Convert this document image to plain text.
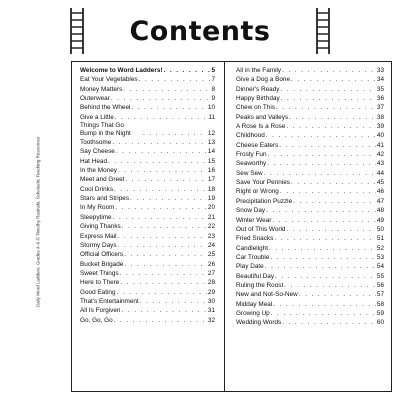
Contents
Daily Word Ladders: Grades 4–6 © Timothy Rasinski, Scholastic Teaching Resources
Welcome to Word Ladders! . . .	5
Eat Your Vegetables . . .	7
Money Matters . . .	8
Outerwear . . .	9
Behind the Wheel . . .	10
Give a Little . . .	11
Things That Go Bump in the Night . . .	12
Toothsome . . .	13
Say Cheese . . .	14
Hat Head . . .	15
In the Money . . .	16
Meet and Greet . . .	17
Cool Drinks . . .	18
Stars and Stripes . . .	19
In My Room . . .	20
Sleepytime . . .	21
Giving Thanks . . .	22
Express Mail . . .	23
Stormy Days . . .	24
Official Officers . . .	25
Bucket Brigade . . .	26
Sweet Things . . .	27
Here to There . . .	28
Good Eating . . .	29
That's Entertainment . . .	30
All Is Forgiven . . .	31
Go, Go, Go . . .	32
All in the Family . . .	33
Give a Dog a Bone . . .	34
Dinner's Ready . . .	35
Happy Birthday . . .	36
Chew on This . . .	37
Peaks and Valleys . . .	38
A Rose Is a Rose . . .	39
Childhood . . .	40
Cheese Eaters . . .	41
Frosty Fun . . .	42
Seaworthy . . .	43
Sew Sew . . .	44
Save Your Pennies . . .	45
Right or Wrong . . .	46
Precipitation Puzzle . . .	47
Snow Day . . .	48
Winter Wear . . .	49
Out of This World . . .	50
Fried Snacks . . .	51
Candlelight . . .	52
Car Trouble . . .	53
Play Date . . .	54
Beautiful Day . . .	55
Ruling the Roost . . .	56
New and Not-So-New . . .	57
Midday Meal . . .	58
Growing Up . . .	59
Wedding Words . . .	60
